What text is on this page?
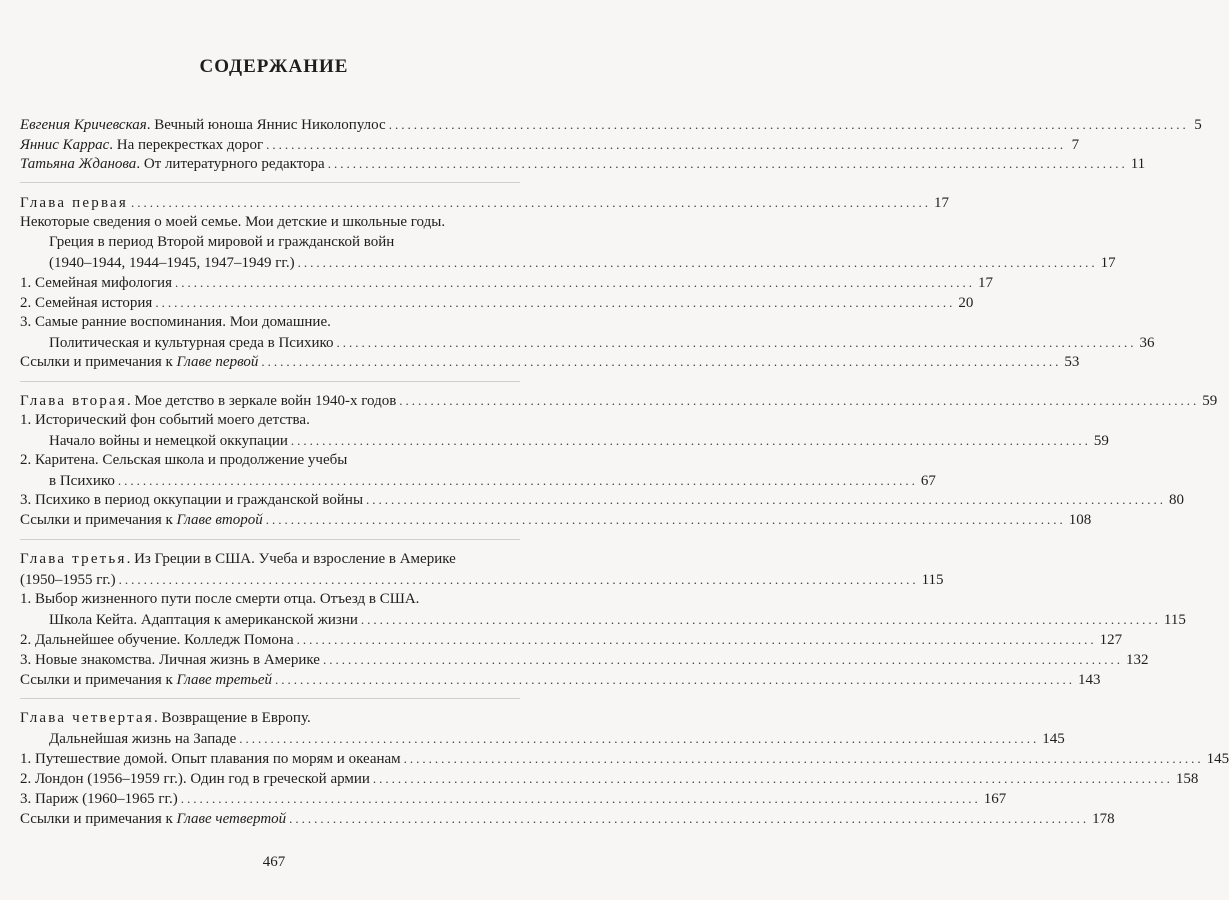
СОДЕРЖАНИЕ
Евгения Кричевская. Вечный юноша Яннис Николопулос .....	5
Яннис Каррас. На перекрестках дорог .....	7
Татьяна Жданова. От литературного редактора .....	11
Глава первая .....	17
Некоторые сведения о моей семье. Мои детские и школьные годы.
Греция в период Второй мировой и гражданской войн
(1940–1944, 1944–1945, 1947–1949 гг.) .....	17
1. Семейная мифология .....	17
2. Семейная история .....	20
3. Самые ранние воспоминания. Мои домашние.
Политическая и культурная среда в Психико .....	36
Ссылки и примечания к Главе первой .....	53
Глава вторая. Мое детство в зеркале войн 1940-х годов .....	59
1. Исторический фон событий моего детства.
Начало войны и немецкой оккупации .....	59
2. Каритена. Сельская школа и продолжение учебы
в Психико .....	67
3. Психико в период оккупации и гражданской войны .....	80
Ссылки и примечания к Главе второй .....	108
Глава третья. Из Греции в США. Учеба и взросление в Америке
(1950–1955 гг.) .....	115
1. Выбор жизненного пути после смерти отца. Отъезд в США.
Школа Кейта. Адаптация к американской жизни .....	115
2. Дальнейшее обучение. Колледж Помона .....	127
3. Новые знакомства. Личная жизнь в Америке .....	132
Ссылки и примечания к Главе третьей .....	143
Глава четвертая. Возвращение в Европу.
Дальнейшая жизнь на Западе .....	145
1. Путешествие домой. Опыт плавания по морям и океанам .....	145
2. Лондон (1956–1959 гг.). Один год в греческой армии .....	158
3. Париж (1960–1965 гг.) .....	167
Ссылки и примечания к Главе четвертой .....	178
467
